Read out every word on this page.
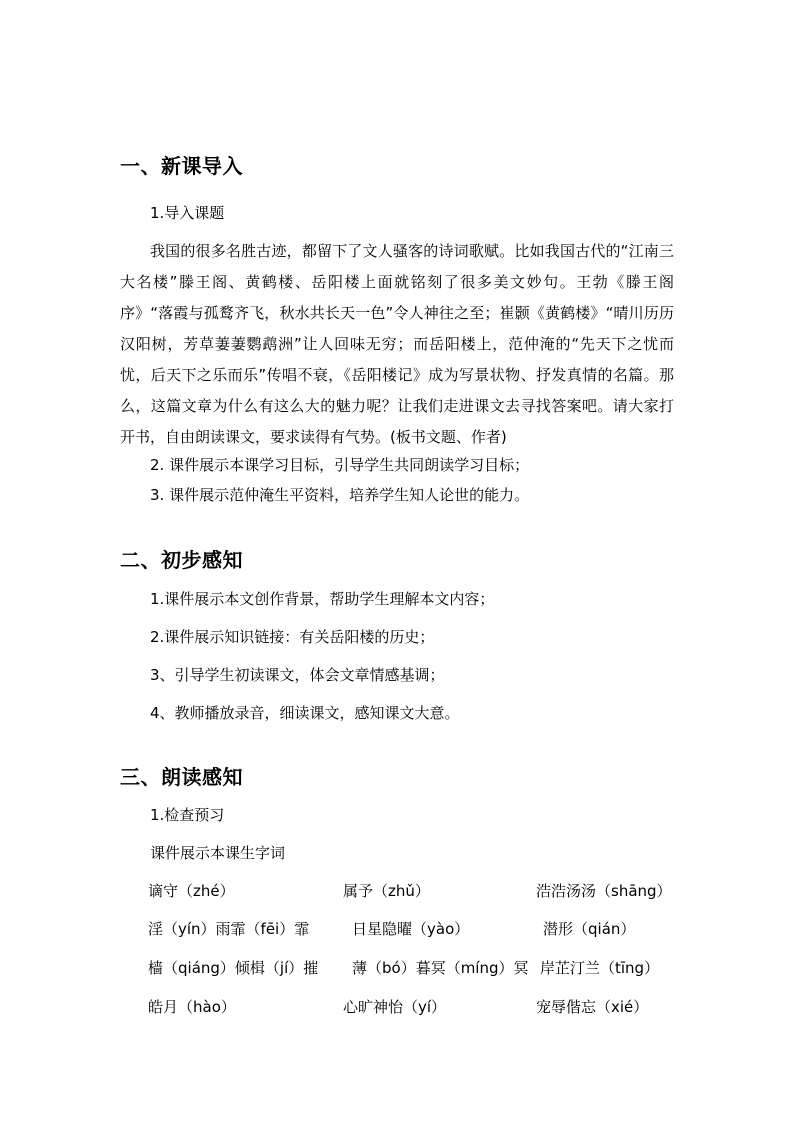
一、新课导入
1.导入课题
我国的很多名胜古迹，都留下了文人骚客的诗词歌赋。比如我国古代的“江南三大名楼”滕王阁、黄鹤楼、岳阳楼上面就铭刻了很多美文妙句。王勃《滕王阁序》“落霞与孤鹜齐飞，秋水共长天一色”令人神往之至；崔颢《黄鹤楼》“晴川历历汉阳树，芳草萋萋鹦鹉洲”让人回味无穷；而岳阳楼上，范仲淹的“先天下之忧而忧，后天下之乐而乐”传唱不衰，《岳阳楼记》成为写景状物、抒发真情的名篇。那么，这篇文章为什么有这么大的魅力呢？让我们走进课文去寻找答案吧。请大家打开书，自由朗读课文，要求读得有气势。(板书文题、作者)
2. 课件展示本课学习目标，引导学生共同朗读学习目标；
3. 课件展示范仲淹生平资料，培养学生知人论世的能力。
二、初步感知
1.课件展示本文创作背景，帮助学生理解本文内容；
2.课件展示知识链接：有关岳阳楼的历史；
3、引导学生初读课文，体会文章情感基调；
4、教师播放录音，细读课文，感知课文大意。
三、朗读感知
1.检查预习
课件展示本课生字词
谪守（zhé）	属予（zhǔ）	浩浩汤汤（shāng）
淫（yín）雨霏（fēi）霏	日星隐曜（yào）	潜形（qián）
樯（qiáng）倾楫（jí）摧 薄（bó）暮冥（míng）冥 岸芷汀兰（tīng）
皓月（hào）	心旷神怡（yí）	宠辱偕忘（xié）
